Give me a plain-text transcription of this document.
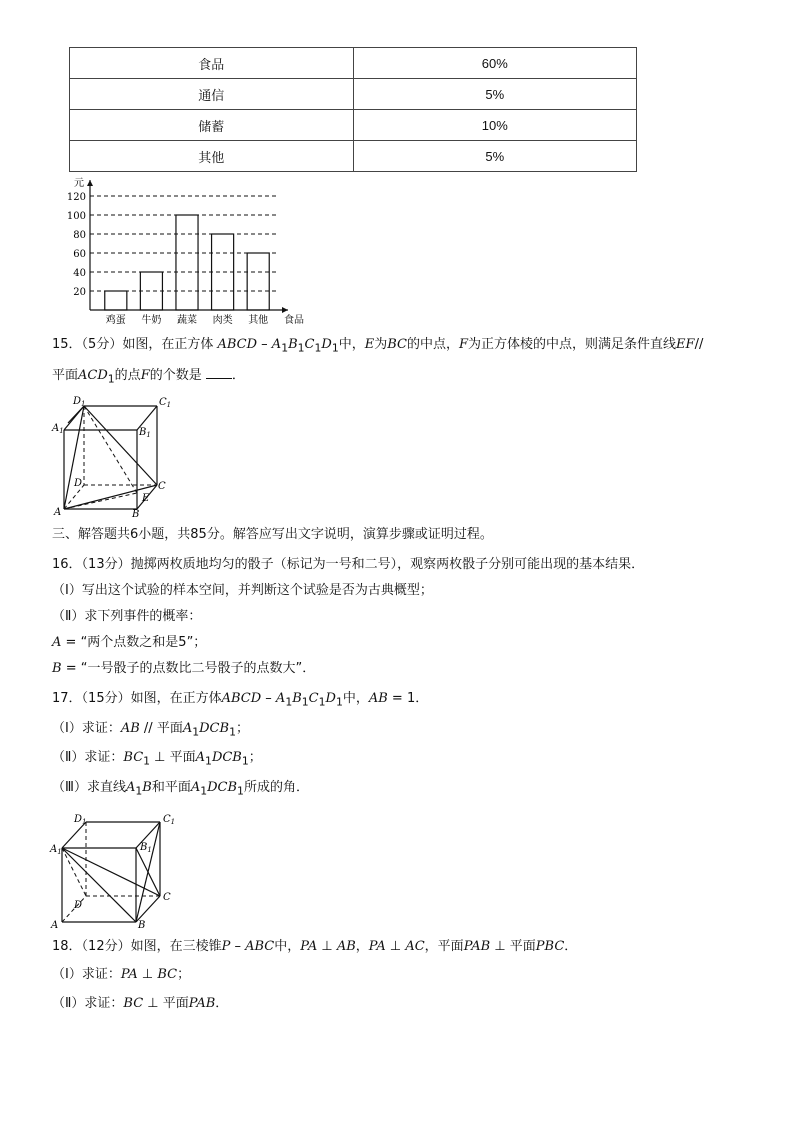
食品	60%
通信	5%
储蓄	10%
其他	5%
元
20
40
60
80
100
120
鸡蛋 牛奶 蔬菜 肉类 其他 食品
15．（5分）如图，在正方体 ABCD – $A_1B_1C_1D_1$中，E为BC的中点，F为正方体棱的中点，则满足条件直线EF//
平面$ACD_1$的点F的个数是 ．
$D_1$	$C_1$
$A_1$	$B_1$
D	C
E
A	B
三、解答题共6小题，共85分。解答应写出文字说明，演算步骤或证明过程。
16．（13分）抛掷两枚质地均匀的骰子（标记为一号和二号），观察两枚骰子分别可能出现的基本结果．
（Ⅰ）写出这个试验的样本空间，并判断这个试验是否为古典概型；
（Ⅱ）求下列事件的概率：
A = “两个点数之和是5”；
B = “一号骰子的点数比二号骰子的点数大”．
17．（15分）如图，在正方体ABCD – $A_1B_1C_1D_1$中，AB = 1．
（Ⅰ）求证：AB // 平面$A_1DCB_1$；
（Ⅱ）求证：$BC_1$ ⊥ 平面$A_1DCB_1$；
（Ⅲ）求直线$A_1B$和平面$A_1DCB_1$所成的角．
$D_1$	$C_1$
$A_1$	$B_1$
D
C
A	B
18．（12分）如图，在三棱锥P – ABC中，PA ⊥ AB，PA ⊥ AC，平面PAB ⊥ 平面PBC．
（Ⅰ）求证：PA ⊥ BC；
（Ⅱ）求证：BC ⊥ 平面PAB．
